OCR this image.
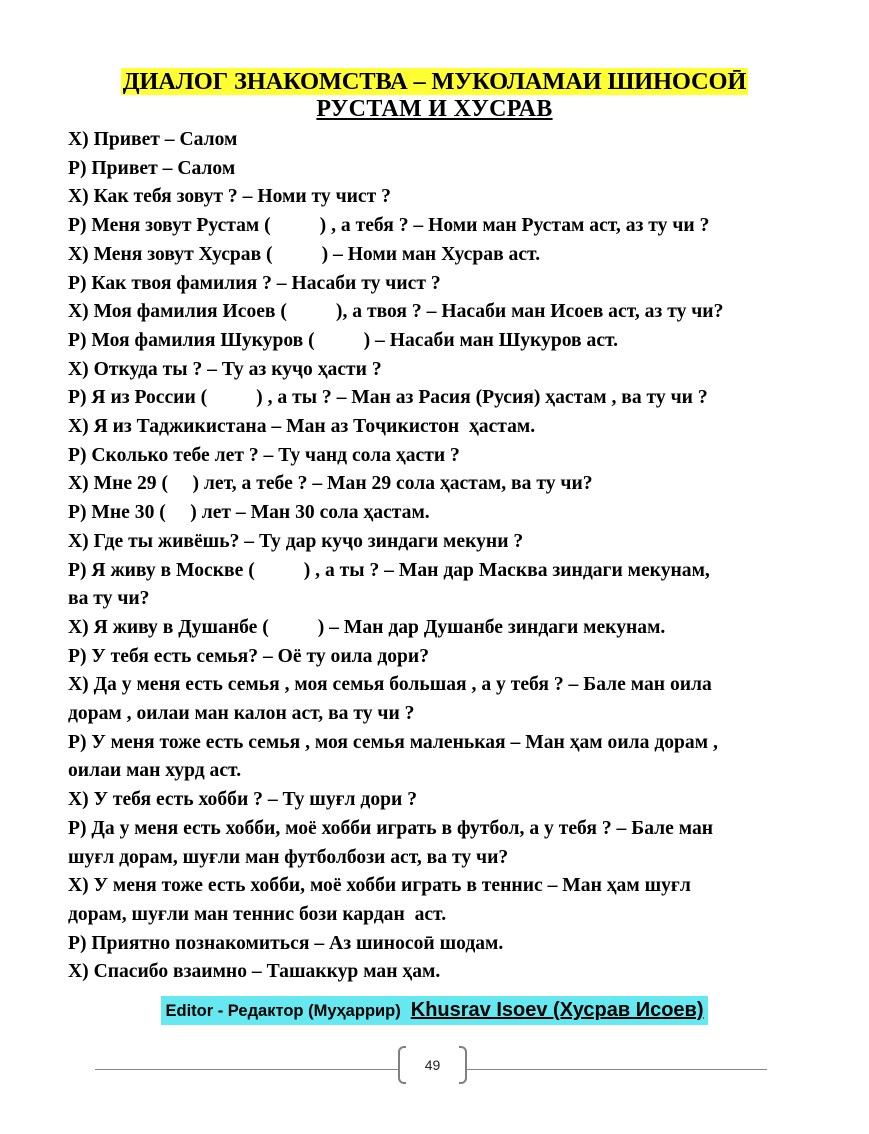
ДИАЛОГ ЗНАКОМСТВА – МУКОЛАМАИ ШИНОСОӢ
РУСТАМ И ХУСРАВ
Х) Привет – Салом
Р) Привет – Салом
Х) Как тебя зовут ? – Номи ту чист ?
Р) Меня зовут Рустам (          ) , а тебя ? – Номи ман Рустам аст, аз ту чи ?
Х) Меня зовут Хусрав (          ) – Номи ман Хусрав аст.
Р) Как твоя фамилия ? – Насаби ту чист ?
Х) Моя фамилия Исоев (          ), а твоя ? – Насаби ман Исоев аст, аз ту чи?
Р) Моя фамилия Шукуров (          ) – Насаби ман Шукуров аст.
Х) Откуда ты ? – Ту аз куҷо ҳасти ?
Р) Я из России (          ) , а ты ? – Ман аз Расия (Русия) ҳастам , ва ту чи ?
Х) Я из Таджикистана – Ман аз Тоҷикистон  ҳастам.
Р) Сколько тебе лет ? – Ту чанд сола ҳасти ?
Х) Мне 29 (     ) лет, а тебе ? – Ман 29 сола ҳастам, ва ту чи?
Р) Мне 30 (     ) лет – Ман 30 сола ҳастам.
Х) Где ты живёшь? – Ту дар куҷо зиндаги мекуни ?
Р) Я живу в Москве (          ) , а ты ? – Ман дар Масква зиндаги мекунам,
ва ту чи?
Х) Я живу в Душанбе (          ) – Ман дар Душанбе зиндаги мекунам.
Р) У тебя есть семья? – Оё ту оила дори?
Х) Да у меня есть семья , моя семья большая , а у тебя ? – Бале ман оила
дорам , оилаи ман калон аст, ва ту чи ?
Р) У меня тоже есть семья , моя семья маленькая – Ман ҳам оила дорам ,
оилаи ман хурд аст.
Х) У тебя есть хобби ? – Ту шуғл дори ?
Р) Да у меня есть хобби, моё хобби играть в футбол, а у тебя ? – Бале ман
шуғл дорам, шуғли ман футболбози аст, ва ту чи?
Х) У меня тоже есть хобби, моё хобби играть в теннис – Ман ҳам шуғл
дорам, шуғли ман теннис бози кардан  аст.
Р) Приятно познакомиться – Аз шиносоӣ шодам.
Х) Спасибо взаимно – Ташаккур ман ҳам.
Editor - Редактор (Муҳаррир) Khusrav Isoev (Хусрав Исоев)
49
